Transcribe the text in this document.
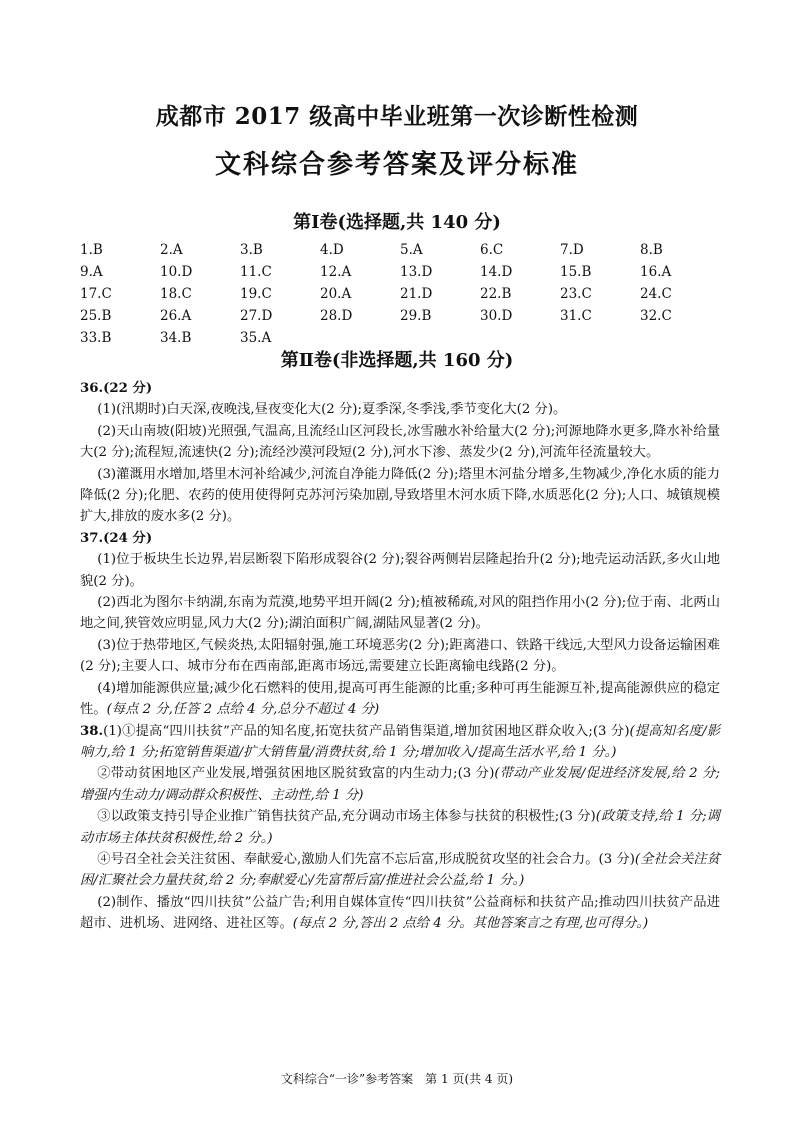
成都市 2017 级高中毕业班第一次诊断性检测
文科综合参考答案及评分标准
第Ⅰ卷(选择题,共 140 分)
1.B	2.A	3.B	4.D	5.A	6.C	7.D	8.B
9.A	10.D	11.C	12.A	13.D	14.D	15.B	16.A
17.C	18.C	19.C	20.A	21.D	22.B	23.C	24.C
25.B	26.A	27.D	28.D	29.B	30.D	31.C	32.C
33.B	34.B	35.A
第Ⅱ卷(非选择题,共 160 分)

36.(22 分)

(1)(汛期时)白天深,夜晚浅,昼夜变化大(2 分);夏季深,冬季浅,季节变化大(2 分)。

(2)天山南坡(阳坡)光照强,气温高,且流经山区河段长,冰雪融水补给量大(2 分);河源地降水更多,降水补给量大(2 分);流程短,流速快(2 分);流经沙漠河段短(2 分),河水下渗、蒸发少(2 分),河流年径流量较大。

(3)灌溉用水增加,塔里木河补给减少,河流自净能力降低(2 分);塔里木河盐分增多,生物减少,净化水质的能力降低(2 分);化肥、农药的使用使得阿克苏河污染加剧,导致塔里木河水质下降,水质恶化(2 分);人口、城镇规模扩大,排放的废水多(2 分)。

37.(24 分)

(1)位于板块生长边界,岩层断裂下陷形成裂谷(2 分);裂谷两侧岩层隆起抬升(2 分);地壳运动活跃,多火山地貌(2 分)。

(2)西北为图尔卡纳湖,东南为荒漠,地势平坦开阔(2 分);植被稀疏,对风的阻挡作用小(2 分);位于南、北两山地之间,狭管效应明显,风力大(2 分);湖泊面积广阔,湖陆风显著(2 分)。

(3)位于热带地区,气候炎热,太阳辐射强,施工环境恶劣(2 分);距离港口、铁路干线远,大型风力设备运输困难(2 分);主要人口、城市分布在西南部,距离市场远,需要建立长距离输电线路(2 分)。

(4)增加能源供应量;减少化石燃料的使用,提高可再生能源的比重;多种可再生能源互补,提高能源供应的稳定性。(每点 2 分,任答 2 点给 4 分,总分不超过 4 分)

38.(1)①提高“四川扶贫”产品的知名度,拓宽扶贫产品销售渠道,增加贫困地区群众收入;(3 分)(提高知名度/影响力,给 1 分;拓宽销售渠道/扩大销售量/消费扶贫,给 1 分;增加收入/提高生活水平,给 1 分。)

②带动贫困地区产业发展,增强贫困地区脱贫致富的内生动力;(3 分)(带动产业发展/促进经济发展,给 2 分;增强内生动力/调动群众积极性、主动性,给 1 分)

③以政策支持引导企业推广销售扶贫产品,充分调动市场主体参与扶贫的积极性;(3 分)(政策支持,给 1 分;调动市场主体扶贫积极性,给 2 分。)

④号召全社会关注贫困、奉献爱心,激励人们先富不忘后富,形成脱贫攻坚的社会合力。(3 分)(全社会关注贫困/汇聚社会力量扶贫,给 2 分;奉献爱心/先富帮后富/推进社会公益,给 1 分。)

(2)制作、播放“四川扶贫”公益广告;利用自媒体宣传“四川扶贫”公益商标和扶贫产品;推动四川扶贫产品进超市、进机场、进网络、进社区等。(每点 2 分,答出 2 点给 4 分。其他答案言之有理,也可得分。)

文科综合“一诊”参考答案　第 1 页(共 4 页)
